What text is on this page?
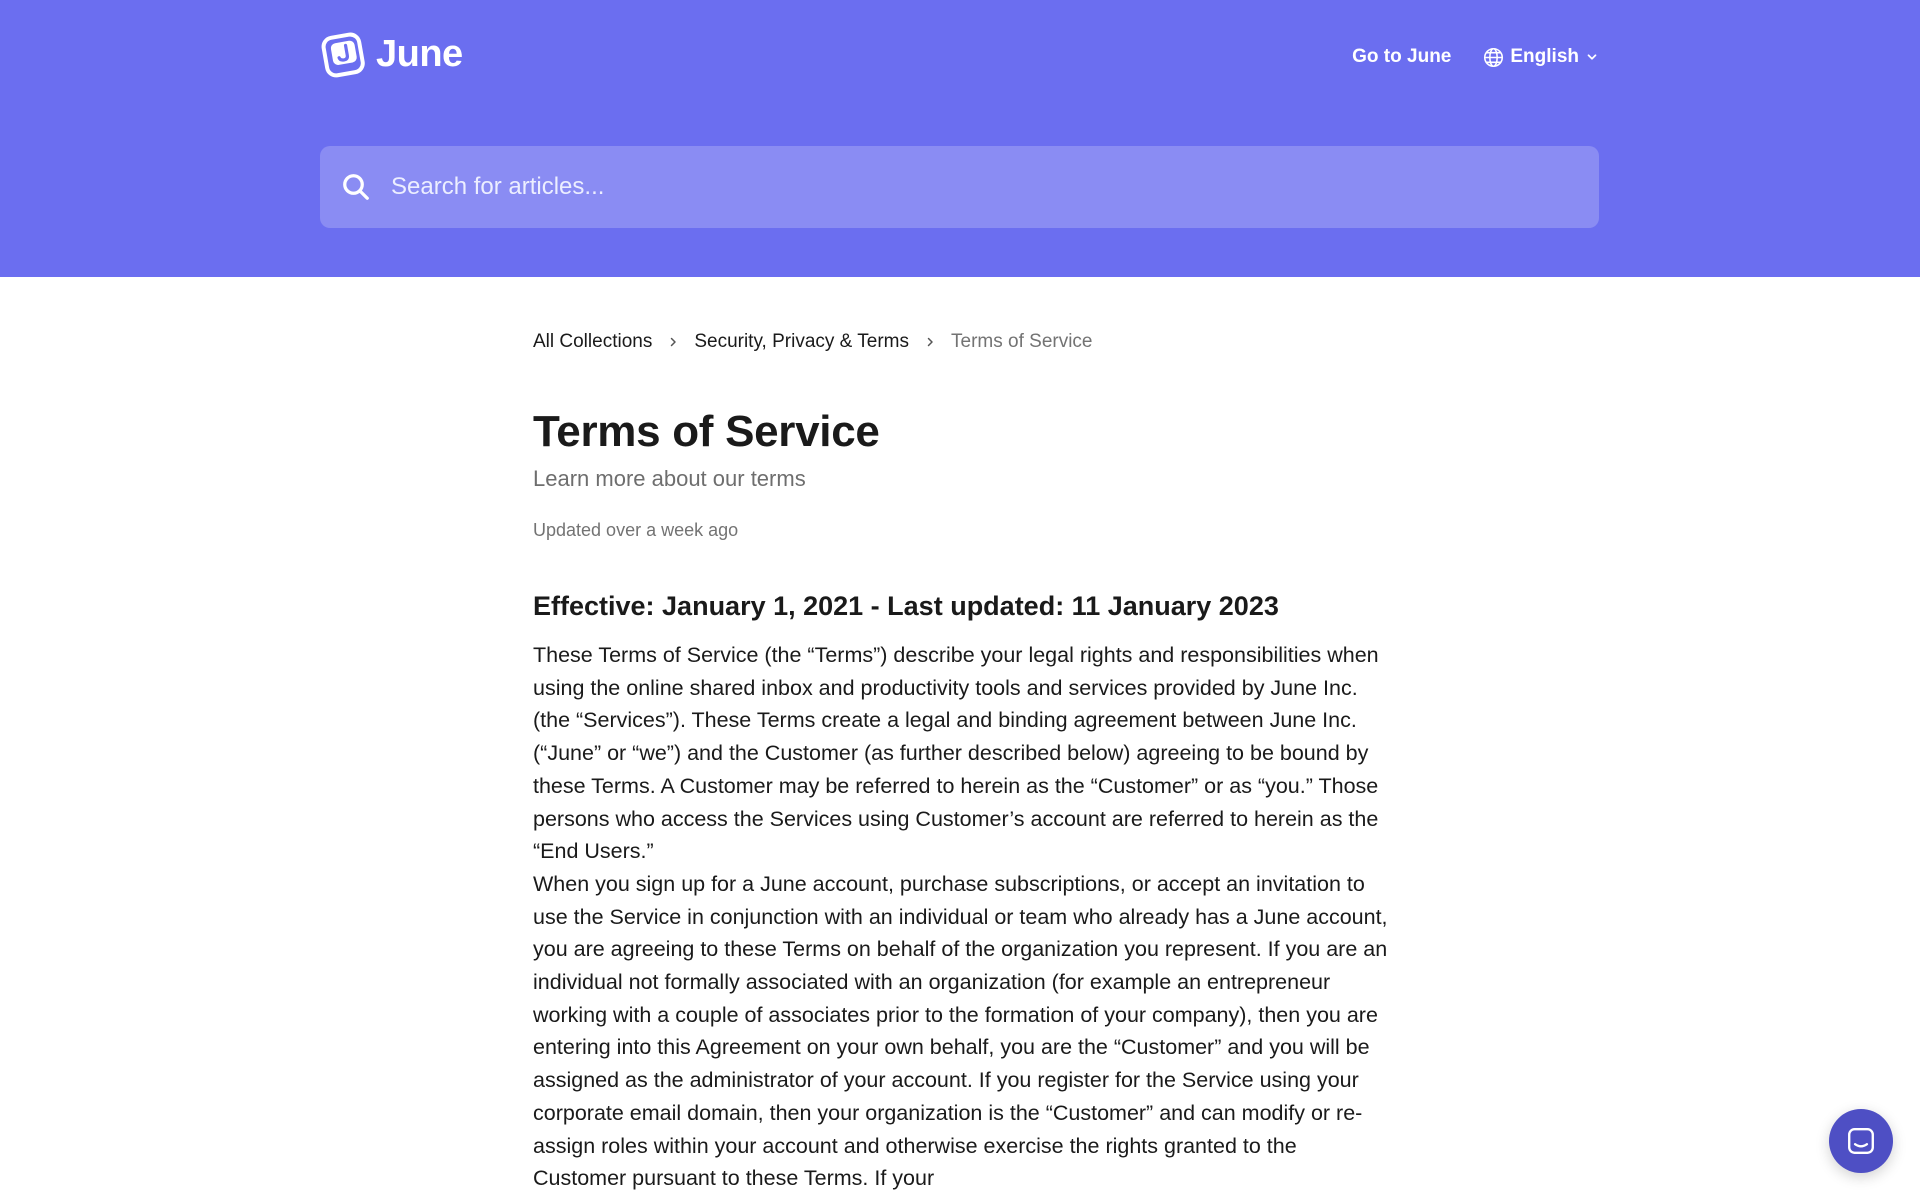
June	Go to June	English
Search for articles...
All Collections Security, Privacy & Terms Terms of Service
Terms of Service
Learn more about our terms
Updated over a week ago
Effective: January 1, 2021 - Last updated: 11 January 2023

These Terms of Service (the “Terms”) describe your legal rights and responsibilities when using the online shared inbox and productivity tools and services provided by June Inc. (the “Services”). These Terms create a legal and binding agreement between June Inc. (“June” or “we”) and the Customer (as further described below) agreeing to be bound by these Terms. A Customer may be referred to herein as the “Customer” or as “you.” Those persons who access the Services using Customer’s account are referred to herein as the “End Users.”

When you sign up for a June account, purchase subscriptions, or accept an invitation to use the Service in conjunction with an individual or team who already has a June account, you are agreeing to these Terms on behalf of the organization you represent. If you are an individual not formally associated with an organization (for example an entrepreneur working with a couple of associates prior to the formation of your company), then you are entering into this Agreement on your own behalf, you are the “Customer” and you will be assigned as the administrator of your account. If you register for the Service using your corporate email domain, then your organization is the “Customer” and can modify or re-assign roles within your account and otherwise exercise the rights granted to the Customer pursuant to these Terms. If your
